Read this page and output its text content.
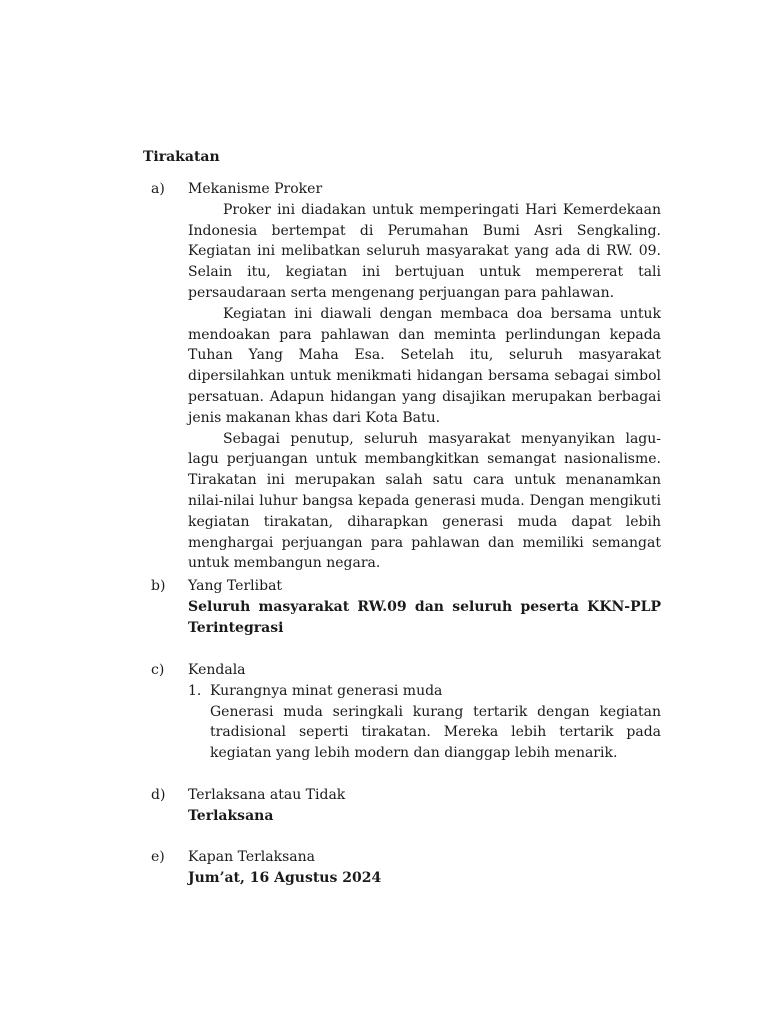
Tirakatan
a) Mekanisme Proker

Proker ini diadakan untuk memperingati Hari Kemerdekaan Indonesia bertempat di Perumahan Bumi Asri Sengkaling. Kegiatan ini melibatkan seluruh masyarakat yang ada di RW. 09. Selain itu, kegiatan ini bertujuan untuk mempererat tali persaudaraan serta mengenang perjuangan para pahlawan.

Kegiatan ini diawali dengan membaca doa bersama untuk mendoakan para pahlawan dan meminta perlindungan kepada Tuhan Yang Maha Esa. Setelah itu, seluruh masyarakat dipersilahkan untuk menikmati hidangan bersama sebagai simbol persatuan. Adapun hidangan yang disajikan merupakan berbagai jenis makanan khas dari Kota Batu.

Sebagai penutup, seluruh masyarakat menyanyikan lagu-lagu perjuangan untuk membangkitkan semangat nasionalisme. Tirakatan ini merupakan salah satu cara untuk menanamkan nilai-nilai luhur bangsa kepada generasi muda. Dengan mengikuti kegiatan tirakatan, diharapkan generasi muda dapat lebih menghargai perjuangan para pahlawan dan memiliki semangat untuk membangun negara.

b) Yang Terlibat

Seluruh masyarakat RW.09 dan seluruh peserta KKN-PLP Terintegrasi

c) Kendala
1. Kurangnya minat generasi muda

Generasi muda seringkali kurang tertarik dengan kegiatan tradisional seperti tirakatan. Mereka lebih tertarik pada kegiatan yang lebih modern dan dianggap lebih menarik.

d) Terlaksana atau Tidak

Terlaksana

e) Kapan Terlaksana

Jum’at, 16 Agustus 2024
